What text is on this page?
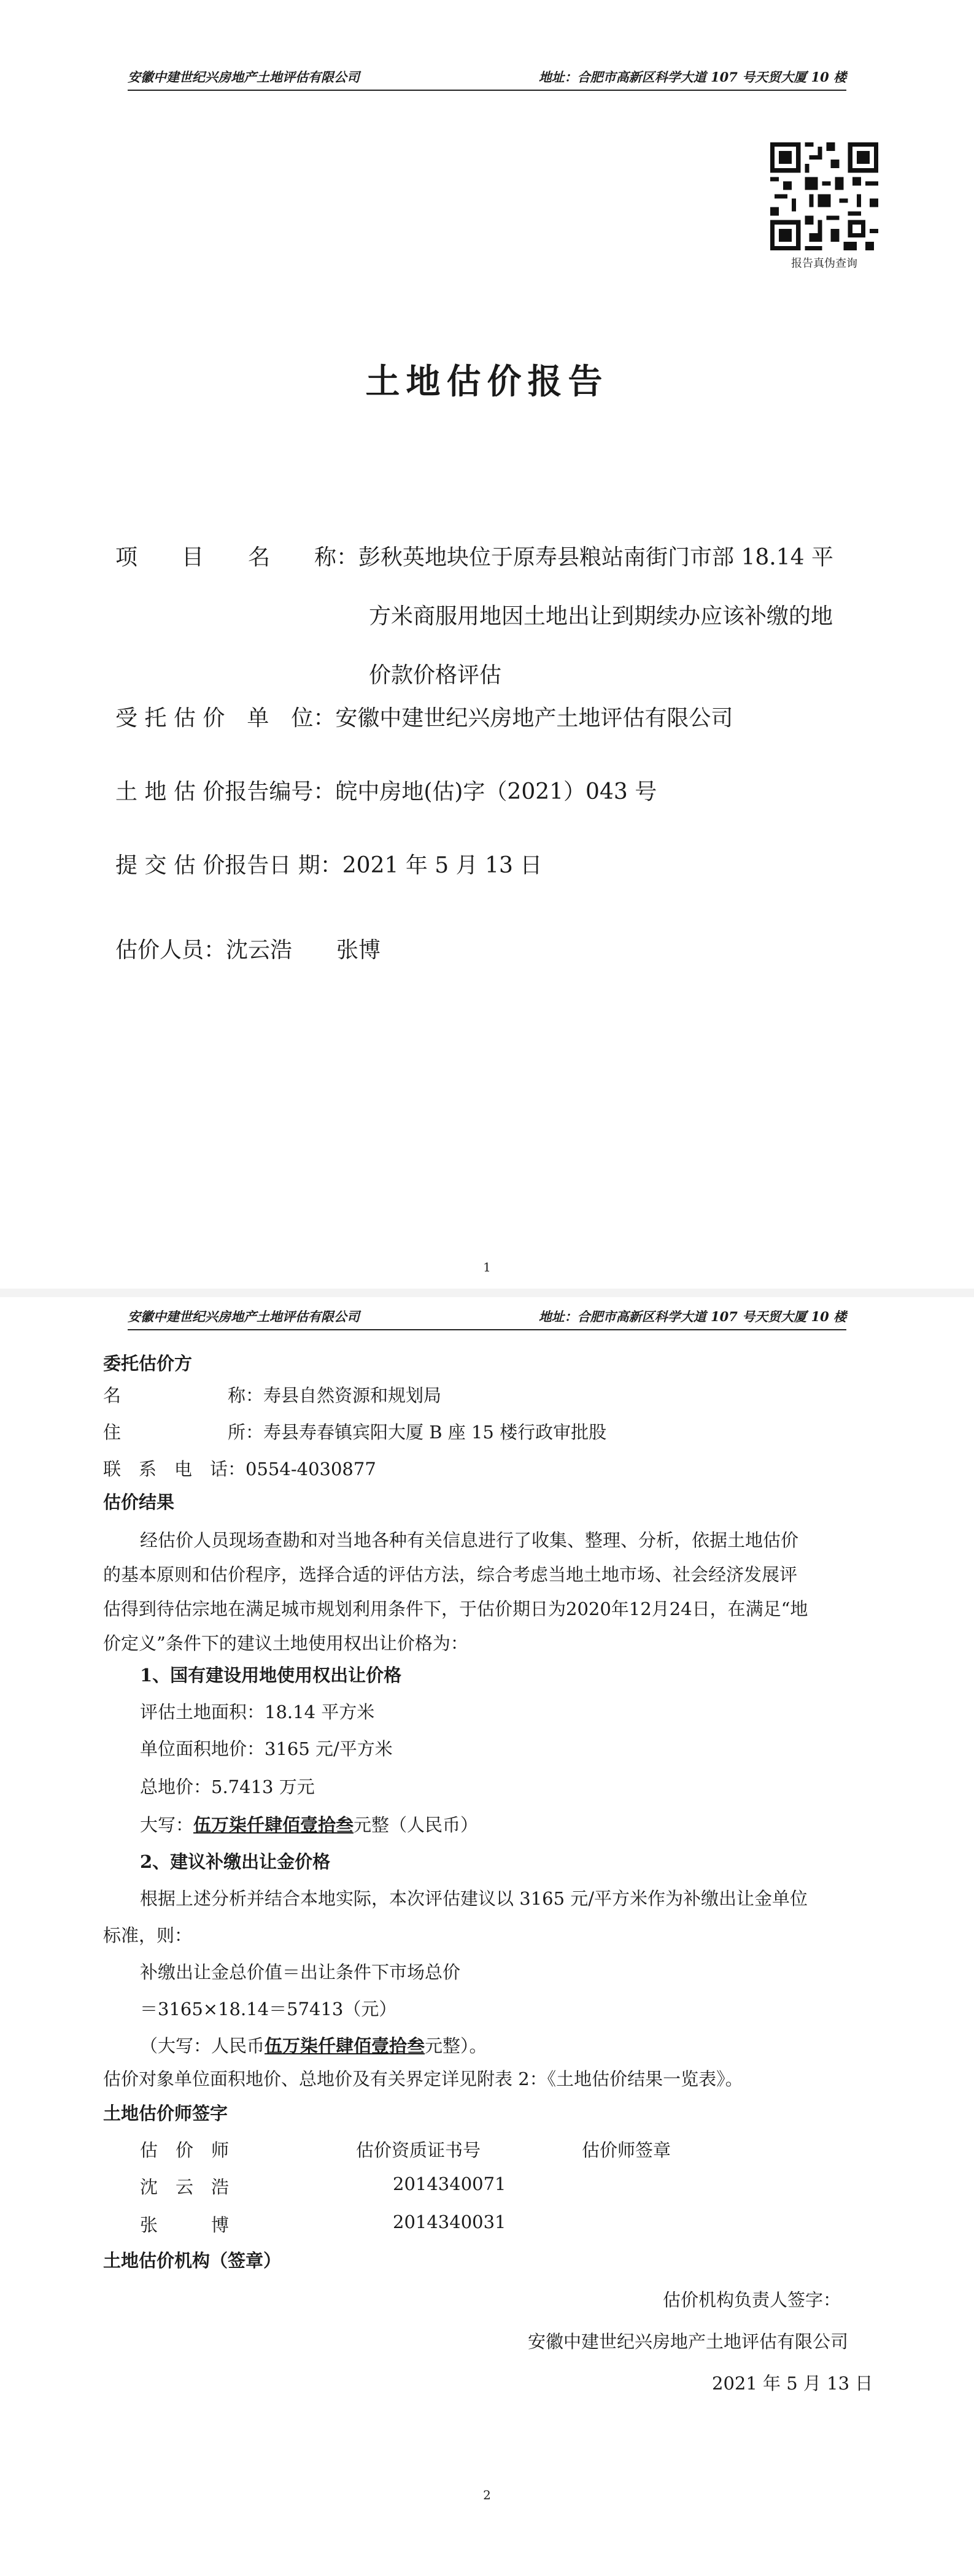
安徽中建世纪兴房地产土地评估有限公司	地址：合肥市高新区科学大道 107 号天贸大厦 10 楼
报告真伪查询
土地估价报告
项　　目　　名　　称：彭秋英地块位于原寿县粮站南街门市部 18.14 平
方米商服用地因土地出让到期续办应该补缴的地
价款价格评估
受 托 估 价　单　位：安徽中建世纪兴房地产土地评估有限公司
土 地 估 价报告编号：皖中房地(估)字（2021）043 号
提 交 估 价报告日 期：2021 年 5 月 13 日
估价人员：沈云浩　　张博
1
安徽中建世纪兴房地产土地评估有限公司	地址：合肥市高新区科学大道 107 号天贸大厦 10 楼
委托估价方
名　　　　　　称：寿县自然资源和规划局
住　　　　　　所：寿县寿春镇宾阳大厦 B 座 15 楼行政审批股
联　系　电　话：0554-4030877
估价结果
经估价人员现场查勘和对当地各种有关信息进行了收集、整理、分析，依据土地估价
的基本原则和估价程序，选择合适的评估方法，综合考虑当地土地市场、社会经济发展评
估得到待估宗地在满足城市规划利用条件下，于估价期日为2020年12月24日，在满足“地
价定义”条件下的建议土地使用权出让价格为：
1、国有建设用地使用权出让价格
评估土地面积：18.14 平方米
单位面积地价：3165 元/平方米
总地价：5.7413 万元
大写：伍万柒仟肆佰壹拾叁元整（人民币）
2、建议补缴出让金价格
根据上述分析并结合本地实际，本次评估建议以 3165 元/平方米作为补缴出让金单位
标准，则：
补缴出让金总价值＝出让条件下市场总价
＝3165×18.14＝57413（元）
（大写：人民币伍万柒仟肆佰壹拾叁元整）。
估价对象单位面积地价、总地价及有关界定详见附表 2：《土地估价结果一览表》。
土地估价师签字
估　价　师	估价资质证书号	估价师签章
沈　云　浩	2014340071
张　　　博	2014340031
土地估价机构（签章）
估价机构负责人签字：
安徽中建世纪兴房地产土地评估有限公司
2021 年 5 月 13 日
2
